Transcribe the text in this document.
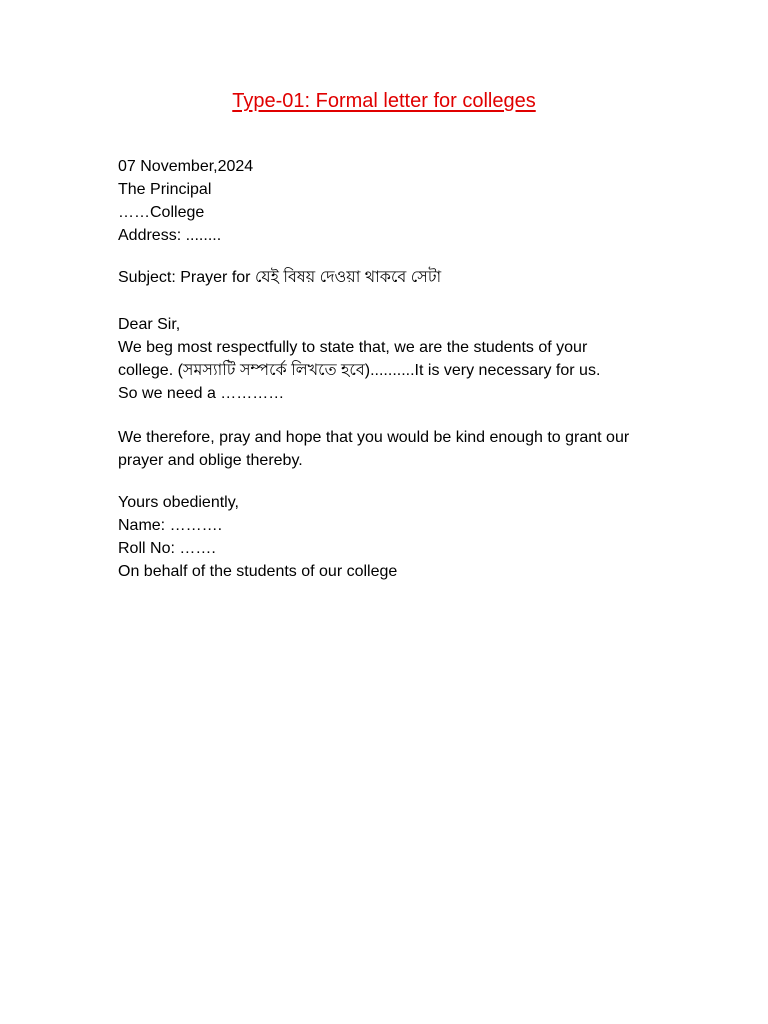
Type-01: Formal letter for colleges
07 November,2024
The Principal
……College
Address: ........
Subject: Prayer for যেই বিষয় দেওয়া থাকবে সেটা
Dear Sir,
We beg most respectfully to state that, we are the students of your
college. (সমস্যাটি সম্পর্কে লিখতে হবে)..........It is very necessary for us.
So we need a …………
We therefore, pray and hope that you would be kind enough to grant our
prayer and oblige thereby.
Yours obediently,
Name: ……….
Roll No: …….
On behalf of the students of our college
